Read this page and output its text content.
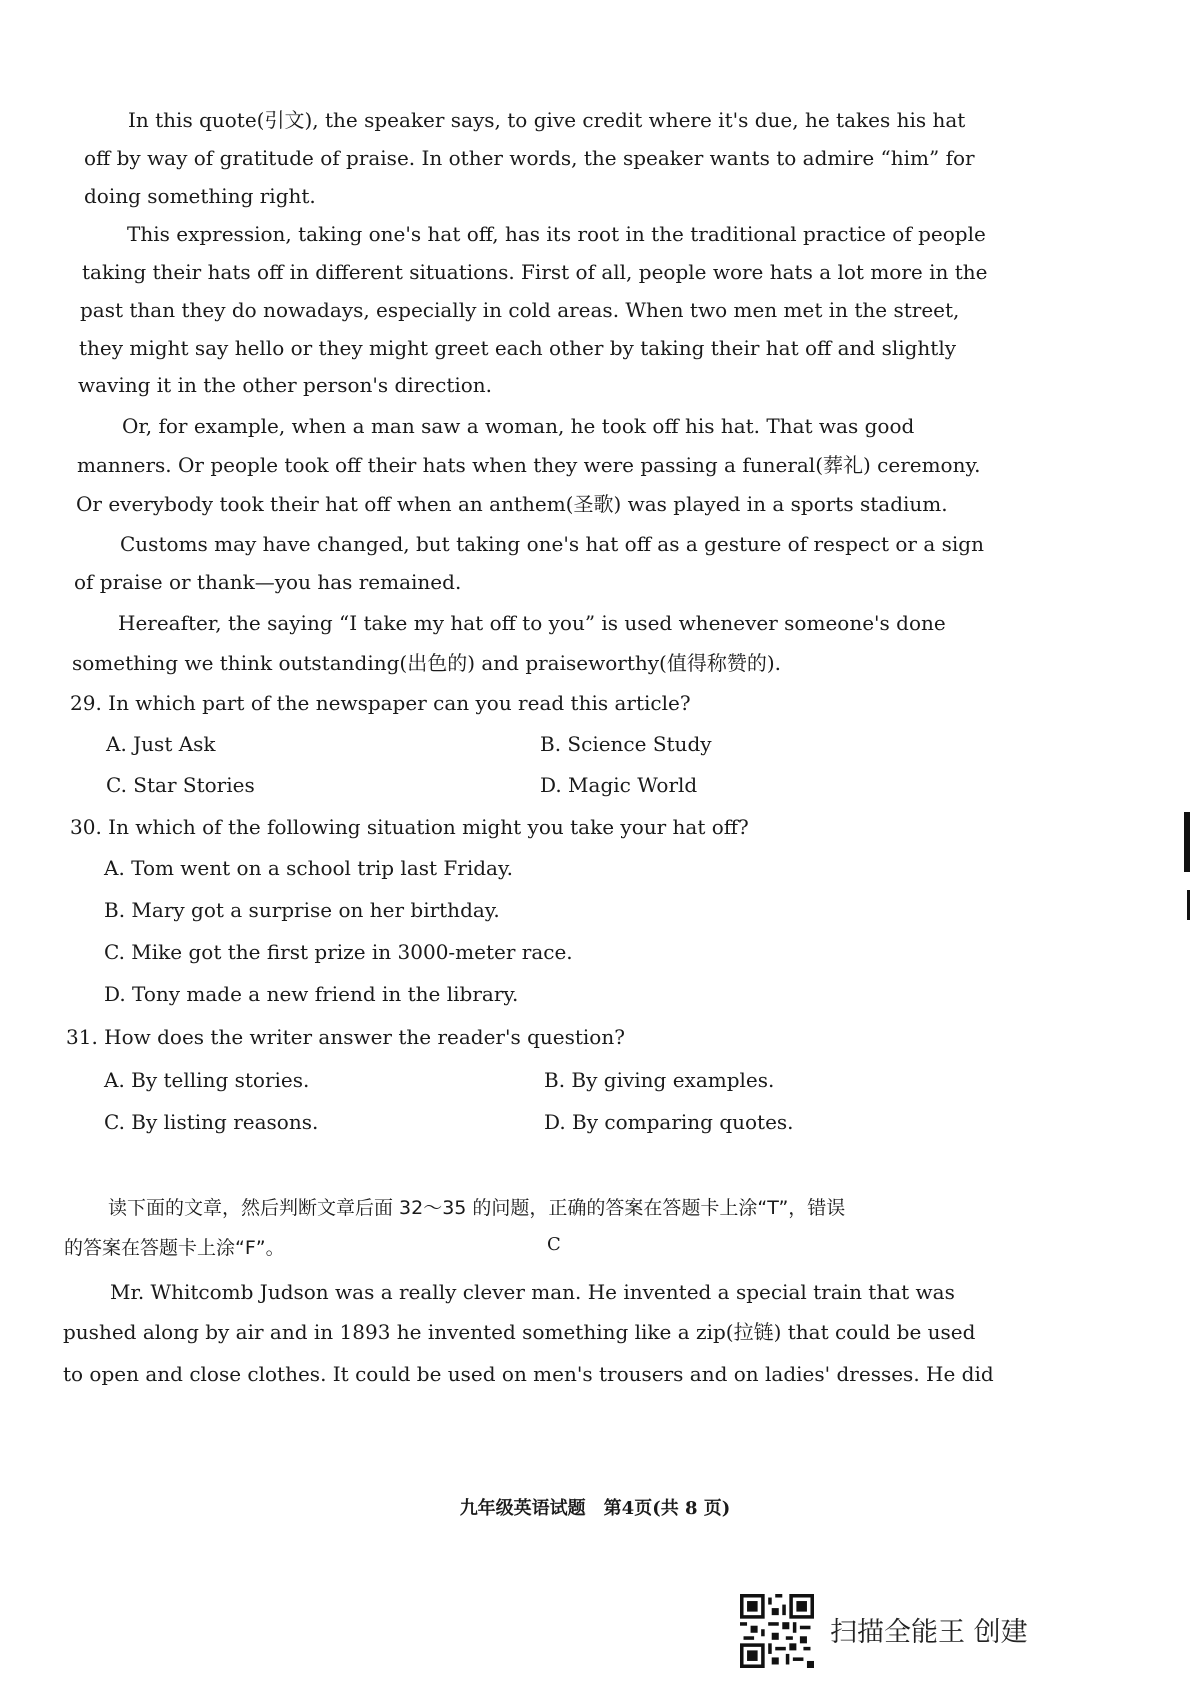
In this quote(引文), the speaker says, to give credit where it's due, he takes his hat
off by way of gratitude of praise. In other words, the speaker wants to admire “him” for
doing something right.
This expression, taking one's hat off, has its root in the traditional practice of people
taking their hats off in different situations. First of all, people wore hats a lot more in the
past than they do nowadays, especially in cold areas. When two men met in the street,
they might say hello or they might greet each other by taking their hat off and slightly
waving it in the other person's direction.
Or, for example, when a man saw a woman, he took off his hat. That was good
manners. Or people took off their hats when they were passing a funeral(葬礼) ceremony.
Or everybody took their hat off when an anthem(圣歌) was played in a sports stadium.
Customs may have changed, but taking one's hat off as a gesture of respect or a sign
of praise or thank—you has remained.
Hereafter, the saying “I take my hat off to you” is used whenever someone's done
something we think outstanding(出色的) and praiseworthy(值得称赞的).
29. In which part of the newspaper can you read this article?
A. Just Ask	B. Science Study
C. Star Stories	D. Magic World
30. In which of the following situation might you take your hat off?
A. Tom went on a school trip last Friday.
B. Mary got a surprise on her birthday.
C. Mike got the first prize in 3000-meter race.
D. Tony made a new friend in the library.
31. How does the writer answer the reader's question?
A. By telling stories.	B. By giving examples.
C. By listing reasons.	D. By comparing quotes.
C
读下面的文章，然后判断文章后面 32～35 的问题，正确的答案在答题卡上涂“T”，错误
的答案在答题卡上涂“F”。
Mr. Whitcomb Judson was a really clever man. He invented a special train that was
pushed along by air and in 1893 he invented something like a zip(拉链) that could be used
to open and close clothes. It could be used on men's trousers and on ladies' dresses. He did
九年级英语试题　第4页(共 8 页)
扫描全能王 创建
